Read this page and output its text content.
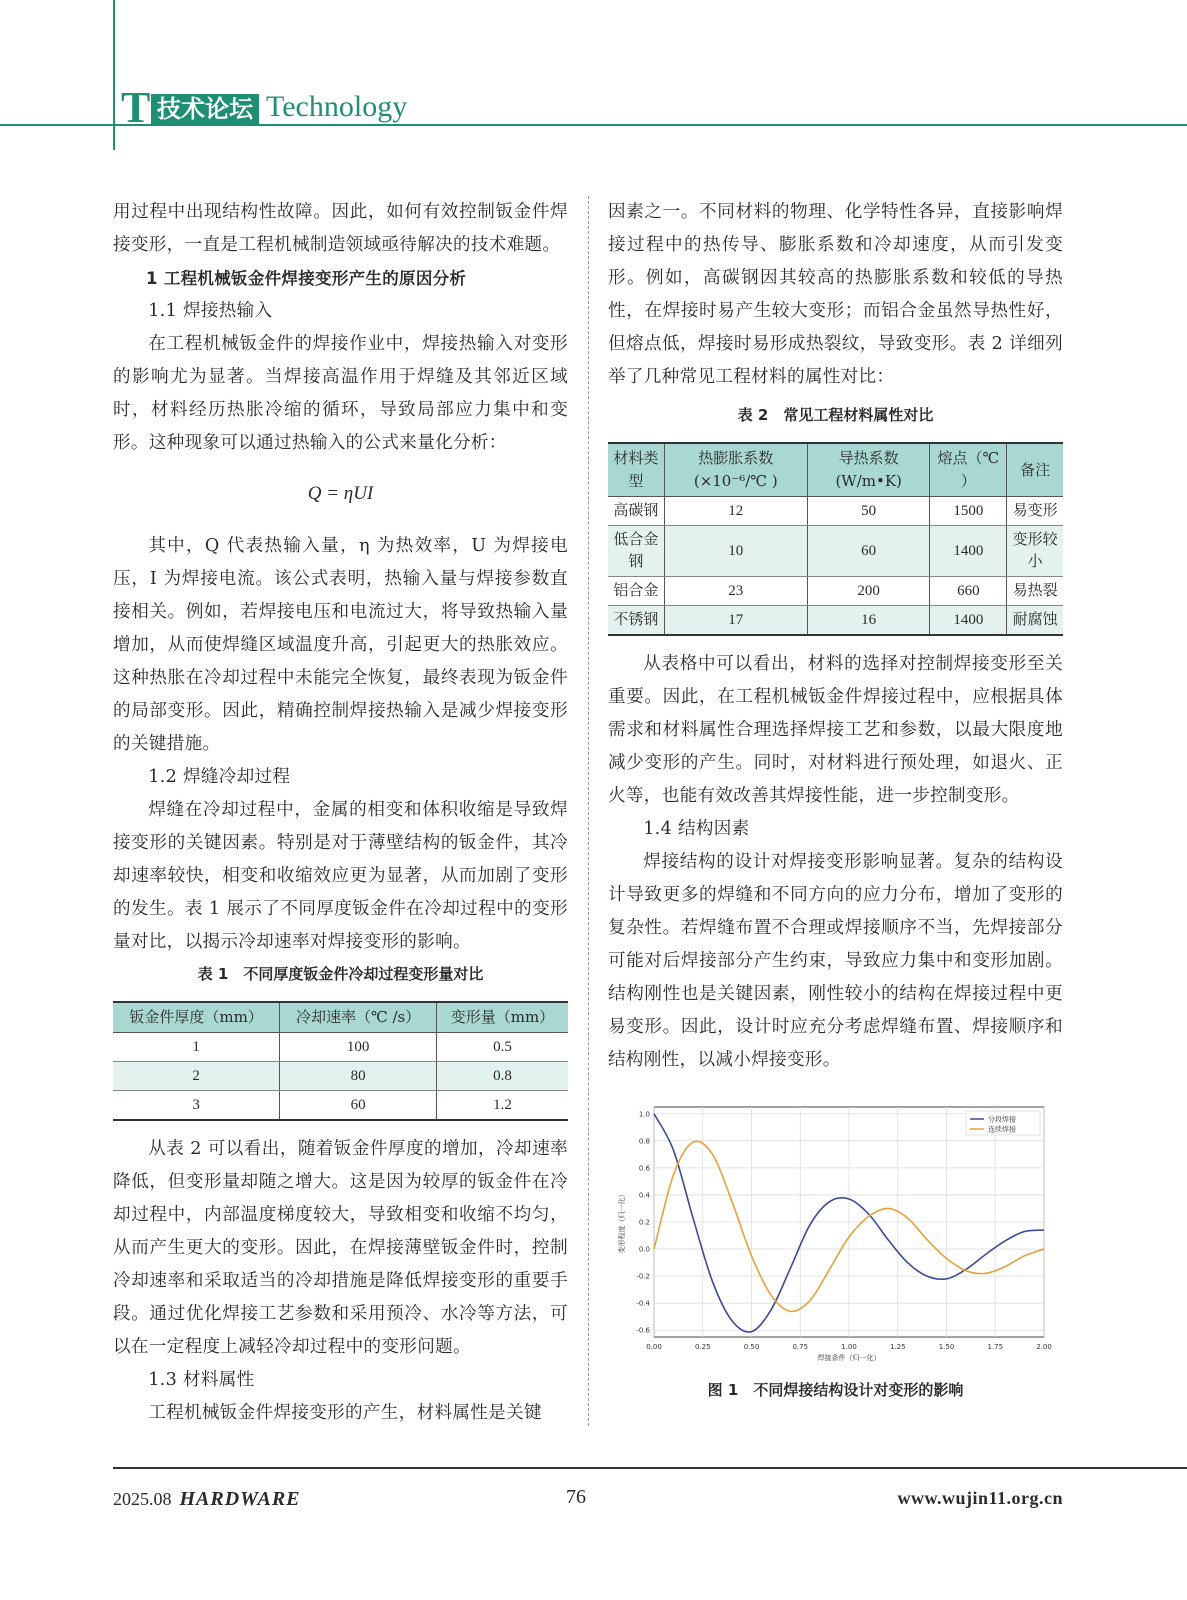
T 技术论坛 Technology

用过程中出现结构性故障。因此，如何有效控制钣金件焊接变形，一直是工程机械制造领域亟待解决的技术难题。

1 工程机械钣金件焊接变形产生的原因分析

1.1 焊接热输入

在工程机械钣金件的焊接作业中，焊接热输入对变形的影响尤为显著。当焊接高温作用于焊缝及其邻近区域时，材料经历热胀冷缩的循环，导致局部应力集中和变形。这种现象可以通过热输入的公式来量化分析：

Q = ηUI

其中，Q 代表热输入量，η 为热效率，U 为焊接电压，I 为焊接电流。该公式表明，热输入量与焊接参数直接相关。例如，若焊接电压和电流过大，将导致热输入量增加，从而使焊缝区域温度升高，引起更大的热胀效应。这种热胀在冷却过程中未能完全恢复，最终表现为钣金件的局部变形。因此，精确控制焊接热输入是减少焊接变形的关键措施。

1.2 焊缝冷却过程

焊缝在冷却过程中，金属的相变和体积收缩是导致焊接变形的关键因素。特别是对于薄壁结构的钣金件，其冷却速率较快，相变和收缩效应更为显著，从而加剧了变形的发生。表 1 展示了不同厚度钣金件在冷却过程中的变形量对比，以揭示冷却速率对焊接变形的影响。

表 1　不同厚度钣金件冷却过程变形量对比
钣金件厚度（mm）	冷却速率（℃ /s）	变形量（mm）
1	100	0.5
2	80	0.8
3	60	1.2

从表 2 可以看出，随着钣金件厚度的增加，冷却速率降低，但变形量却随之增大。这是因为较厚的钣金件在冷却过程中，内部温度梯度较大，导致相变和收缩不均匀，从而产生更大的变形。因此，在焊接薄壁钣金件时，控制冷却速率和采取适当的冷却措施是降低焊接变形的重要手段。通过优化焊接工艺参数和采用预冷、水冷等方法，可以在一定程度上减轻冷却过程中的变形问题。

1.3 材料属性

工程机械钣金件焊接变形的产生，材料属性是关键

因素之一。不同材料的物理、化学特性各异，直接影响焊接过程中的热传导、膨胀系数和冷却速度，从而引发变形。例如，高碳钢因其较高的热膨胀系数和较低的导热性，在焊接时易产生较大变形；而铝合金虽然导热性好，但熔点低，焊接时易形成热裂纹，导致变形。表 2 详细列举了几种常见工程材料的属性对比：

表 2　常见工程材料属性对比
材料类型	热膨胀系数 (×10⁻⁶/℃ )	导热系数 (W/m•K)	熔点（℃ ）	备注
高碳钢	12	50	1500	易变形
低合金钢	10	60	1400	变形较小
铝合金	23	200	660	易热裂
不锈钢	17	16	1400	耐腐蚀

从表格中可以看出，材料的选择对控制焊接变形至关重要。因此，在工程机械钣金件焊接过程中，应根据具体需求和材料属性合理选择焊接工艺和参数，以最大限度地减少变形的产生。同时，对材料进行预处理，如退火、正火等，也能有效改善其焊接性能，进一步控制变形。

1.4 结构因素

焊接结构的设计对焊接变形影响显著。复杂的结构设计导致更多的焊缝和不同方向的应力分布，增加了变形的复杂性。若焊缝布置不合理或焊接顺序不当，先焊接部分可能对后焊接部分产生约束，导致应力集中和变形加剧。结构刚性也是关键因素，刚性较小的结构在焊接过程中更易变形。因此，设计时应充分考虑焊缝布置、焊接顺序和结构刚性，以减小焊接变形。

0.00	0.25	0.50	0.75	1.00	1.25	1.50	1.75	2.00
1.0
0.8
0.6
0.4
0.2
0.0
-0.2
-0.4
-0.6
焊接条件（归一化）
变形程度（归一化）
分段焊接
连续焊接
图 1　不同焊接结构设计对变形的影响
2025.08 HARDWARE	76	www.wujin11.org.cn
